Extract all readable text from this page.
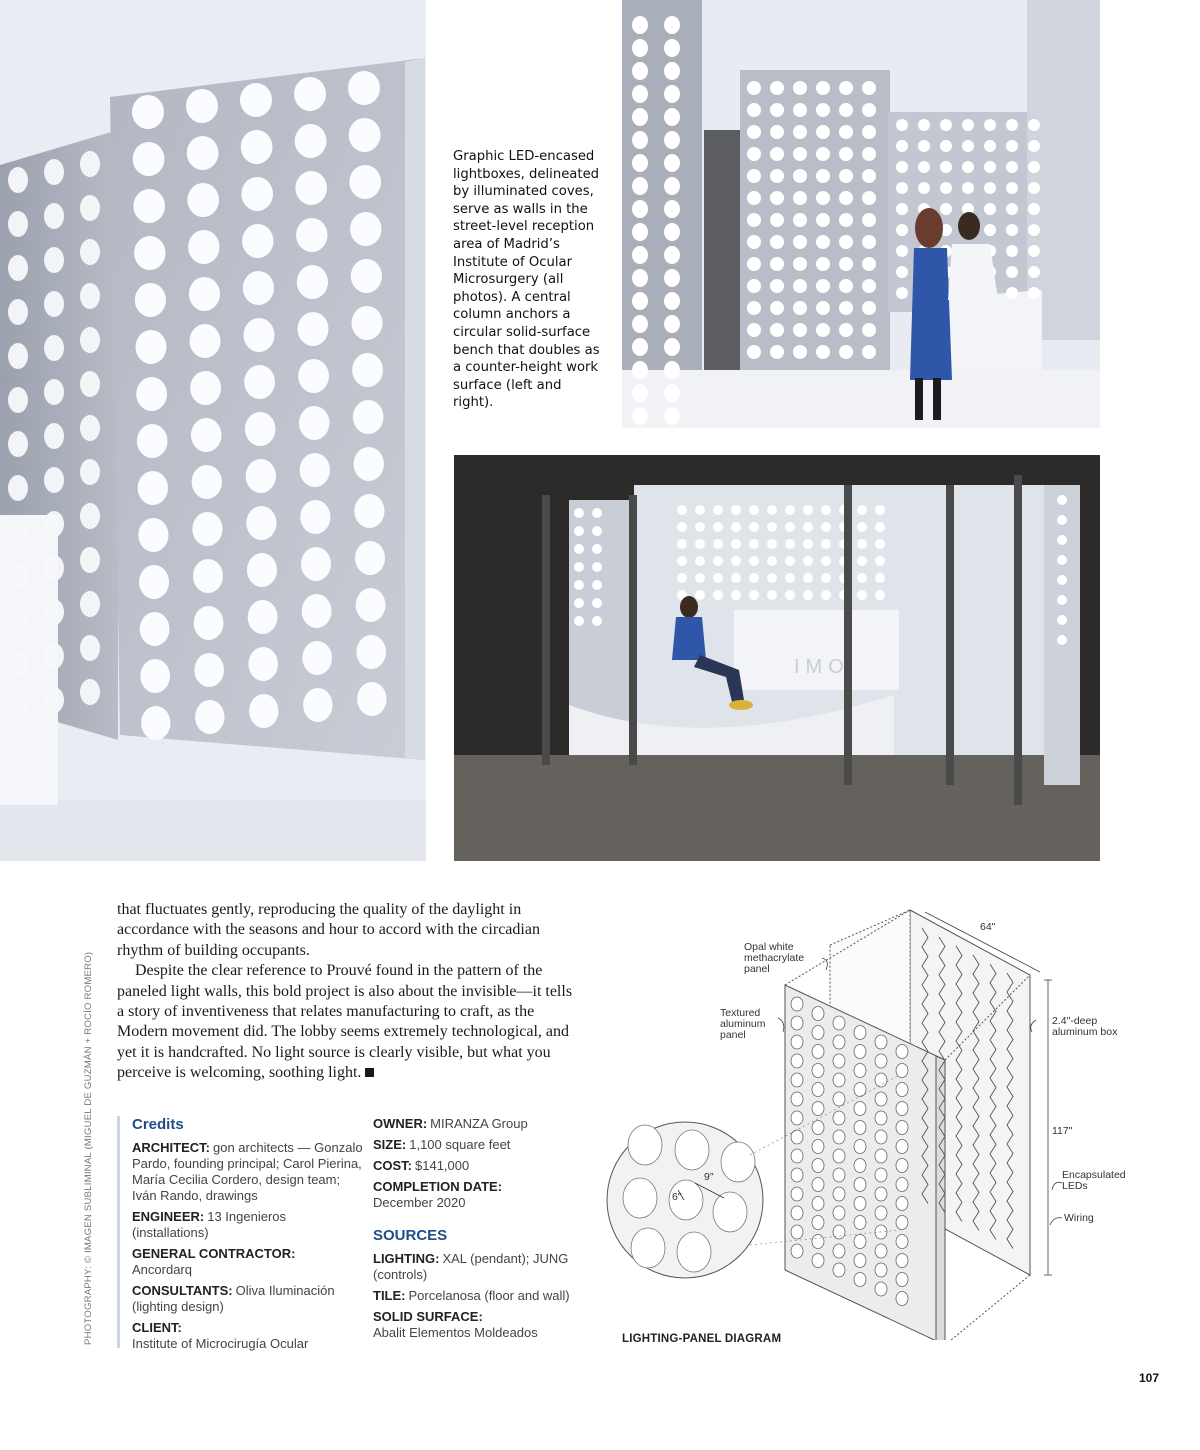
IMO
Graphic LED-encased lightboxes, delineated by illuminated coves, serve as walls in the street-level reception area of Madrid’s Institute of Ocular Microsurgery (all photos). A central column anchors a circular solid-surface bench that doubles as a counter-height work surface (left and right).
PHOTOGRAPHY: © IMAGEN SUBLIMINAL (MIGUEL DE GUZMÁN + ROCÍO ROMERO)

that fluctuates gently, reproducing the quality of the daylight in accordance with the seasons and hour to accord with the circadian rhythm of building occupants.

Despite the clear reference to Prouvé found in the pattern of the paneled light walls, this bold project is also about the invisible—it tells a story of inventiveness that relates manufacturing to craft, as the Modern movement did. The lobby seems extremely technological, and yet it is handcrafted. No light source is clearly visible, but what you perceive is welcoming, soothing light.

Credits
ARCHITECT: gon architects — Gonzalo Pardo, founding principal; Carol Pierina, María Cecilia Cordero, design team; Iván Rando, drawings
ENGINEER: 13 Ingenieros (installations)
GENERAL CONTRACTOR:
Ancordarq
CONSULTANTS: Oliva Iluminación (lighting design)
CLIENT:
Institute of Microcirugía Ocular
OWNER: MIRANZA Group
SIZE: 1,100 square feet
COST: $141,000
COMPLETION DATE:
December 2020
SOURCES
LIGHTING: XAL (pendant); JUNG (controls)
TILE: Porcelanosa (floor and wall)
SOLID SURFACE:
Abalit Elementos Moldeados
Opal white
methacrylate
panel
Textured
aluminum
panel
64"
2.4"-deep
aluminum box
117"
Encapsulated
LEDs
Wiring
9"
6"
LIGHTING-PANEL DIAGRAM
107
